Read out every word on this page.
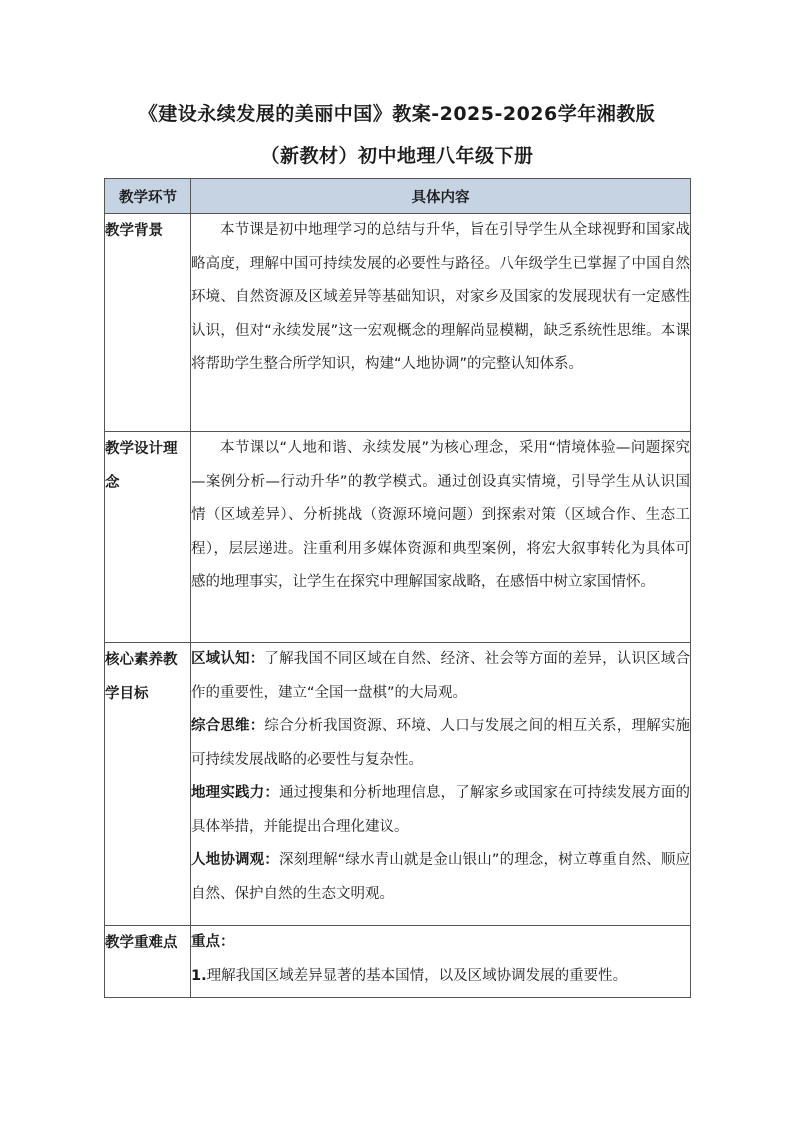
《建设永续发展的美丽中国》教案-2025-2026学年湘教版
（新教材）初中地理八年级下册
教学环节	具体内容
教学背景	本节课是初中地理学习的总结与升华，旨在引导学生从全球视野和国家战略高度，理解中国可持续发展的必要性与路径。八年级学生已掌握了中国自然环境、自然资源及区域差异等基础知识，对家乡及国家的发展现状有一定感性认识，但对“永续发展”这一宏观概念的理解尚显模糊，缺乏系统性思维。本课将帮助学生整合所学知识，构建“人地协调”的完整认知体系。

教学设计理念	本节课以“人地和谐、永续发展”为核心理念，采用“情境体验—问题探究—案例分析—行动升华”的教学模式。通过创设真实情境，引导学生从认识国情（区域差异）、分析挑战（资源环境问题）到探索对策（区域合作、生态工程），层层递进。注重利用多媒体资源和典型案例，将宏大叙事转化为具体可感的地理事实，让学生在探究中理解国家战略，在感悟中树立家国情怀。

核心素养教学目标	区域认知：了解我国不同区域在自然、经济、社会等方面的差异，认识区域合作的重要性，建立“全国一盘棋”的大局观。

综合思维：综合分析我国资源、环境、人口与发展之间的相互关系，理解实施可持续发展战略的必要性与复杂性。

地理实践力：通过搜集和分析地理信息，了解家乡或国家在可持续发展方面的具体举措，并能提出合理化建议。

人地协调观：深刻理解“绿水青山就是金山银山”的理念，树立尊重自然、顺应自然、保护自然的生态文明观。

教学重难点	重点：

1.理解我国区域差异显著的基本国情，以及区域协调发展的重要性。
